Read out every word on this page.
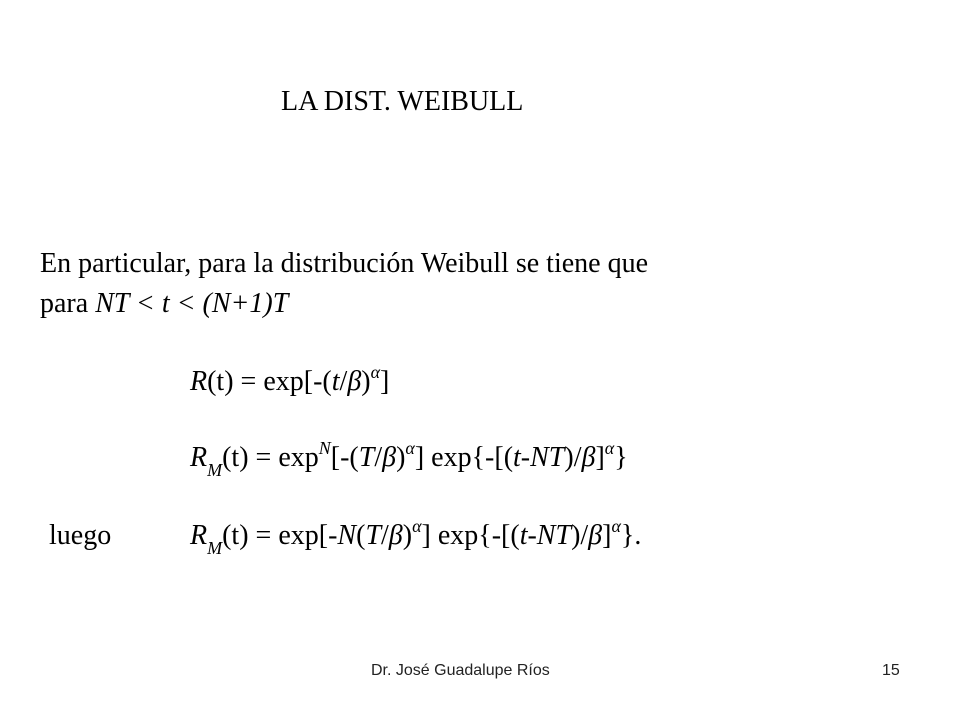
LA DIST. WEIBULL
En particular, para la distribución Weibull se tiene que
para NT < t < (N+1)T
$R(t) = \exp[-(t/\beta)^\alpha]$
$R_M(t) = \exp^N[-(T/\beta)^\alpha]$ $\exp\{-[(t-NT)/\beta]^\alpha\}$
luego	$R_M(t) = \exp[-N(T/\beta)^\alpha]$ $\exp\{-[(t-NT)/\beta]^\alpha\}$.
Dr. José Guadalupe Ríos	15
